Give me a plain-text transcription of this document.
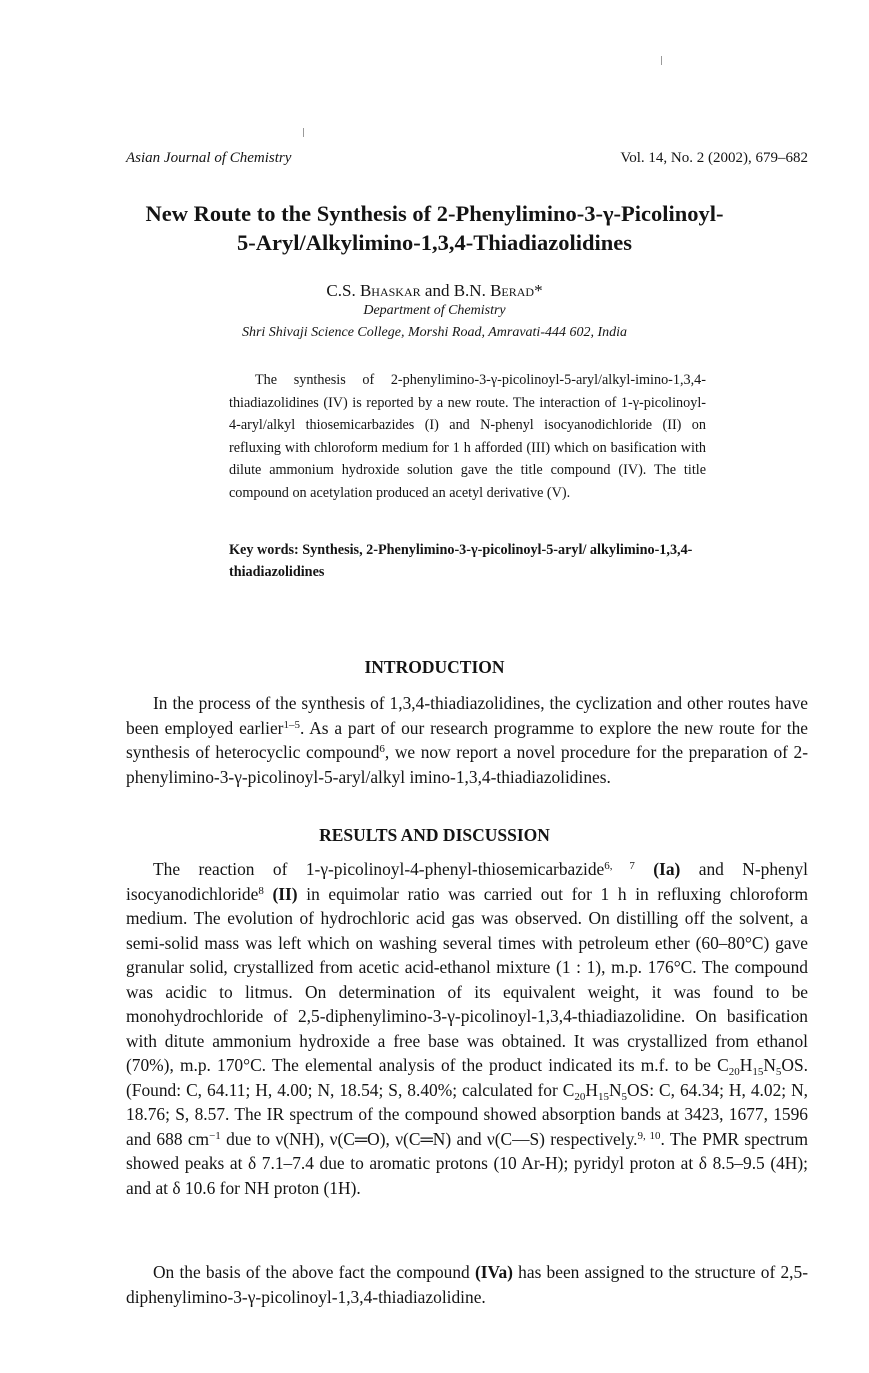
Asian Journal of Chemistry	Vol. 14, No. 2 (2002), 679–682
New Route to the Synthesis of 2-Phenylimino-3-γ-Picolinoyl-
5-Aryl/Alkylimino-1,3,4-Thiadiazolidines
C.S. Bhaskar and B.N. Berad*
Department of Chemistry
Shri Shivaji Science College, Morshi Road, Amravati-444 602, India

The synthesis of 2-phenylimino-3-γ-picolinoyl-5-aryl/alkyl-imino-1,3,4-thiadiazolidines (IV) is reported by a new route. The interaction of 1-γ-picolinoyl-4-aryl/alkyl thiosemicarbazides (I) and N-phenyl isocyanodichloride (II) on refluxing with chloroform medium for 1 h afforded (III) which on basification with dilute ammonium hydroxide solution gave the title compound (IV). The title compound on acetylation produced an acetyl derivative (V).

Key words: Synthesis, 2-Phenylimino-3-γ-picolinoyl-5-aryl/ alkylimino-1,3,4-thiadiazolidines

INTRODUCTION

In the process of the synthesis of 1,3,4-thiadiazolidines, the cyclization and other routes have been employed earlier$^{1-5}$. As a part of our research programme to explore the new route for the synthesis of heterocyclic compound$^6$, we now report a novel procedure for the preparation of 2-phenylimino-3-γ-picolinoyl-5-aryl/alkyl imino-1,3,4-thiadiazolidines.

RESULTS AND DISCUSSION

The reaction of 1-γ-picolinoyl-4-phenyl-thiosemicarbazide$^{6, 7}$ (Ia) and N-phenyl isocyanodichloride$^8$ (II) in equimolar ratio was carried out for 1 h in refluxing chloroform medium. The evolution of hydrochloric acid gas was observed. On distilling off the solvent, a semi-solid mass was left which on washing several times with petroleum ether (60–80°C) gave granular solid, crystallized from acetic acid-ethanol mixture (1 : 1), m.p. 176°C. The compound was acidic to litmus. On determination of its equivalent weight, it was found to be monohydrochloride of 2,5-diphenylimino-3-γ-picolinoyl-1,3,4-thiadiazolidine. On basification with ditute ammonium hydroxide a free base was obtained. It was crystallized from ethanol (70%), m.p. 170°C. The elemental analysis of the product indicated its m.f. to be $C_{20}H_{15}N_5OS$. (Found: C, 64.11; H, 4.00; N, 18.54; S, 8.40%; calculated for $C_{20}H_{15}N_5OS$: C, 64.34; H, 4.02; N, 18.76; S, 8.57. The IR spectrum of the compound showed absorption bands at 3423, 1677, 1596 and 688 $cm^{-1}$ due to ν(NH), ν(C═O), ν(C═N) and ν(C—S) respectively.$^{9, 10}$. The PMR spectrum showed peaks at δ 7.1–7.4 due to aromatic protons (10 Ar-H); pyridyl proton at δ 8.5–9.5 (4H); and at δ 10.6 for NH proton (1H).

On the basis of the above fact the compound (IVa) has been assigned to the structure of 2,5-diphenylimino-3-γ-picolinoyl-1,3,4-thiadiazolidine.
